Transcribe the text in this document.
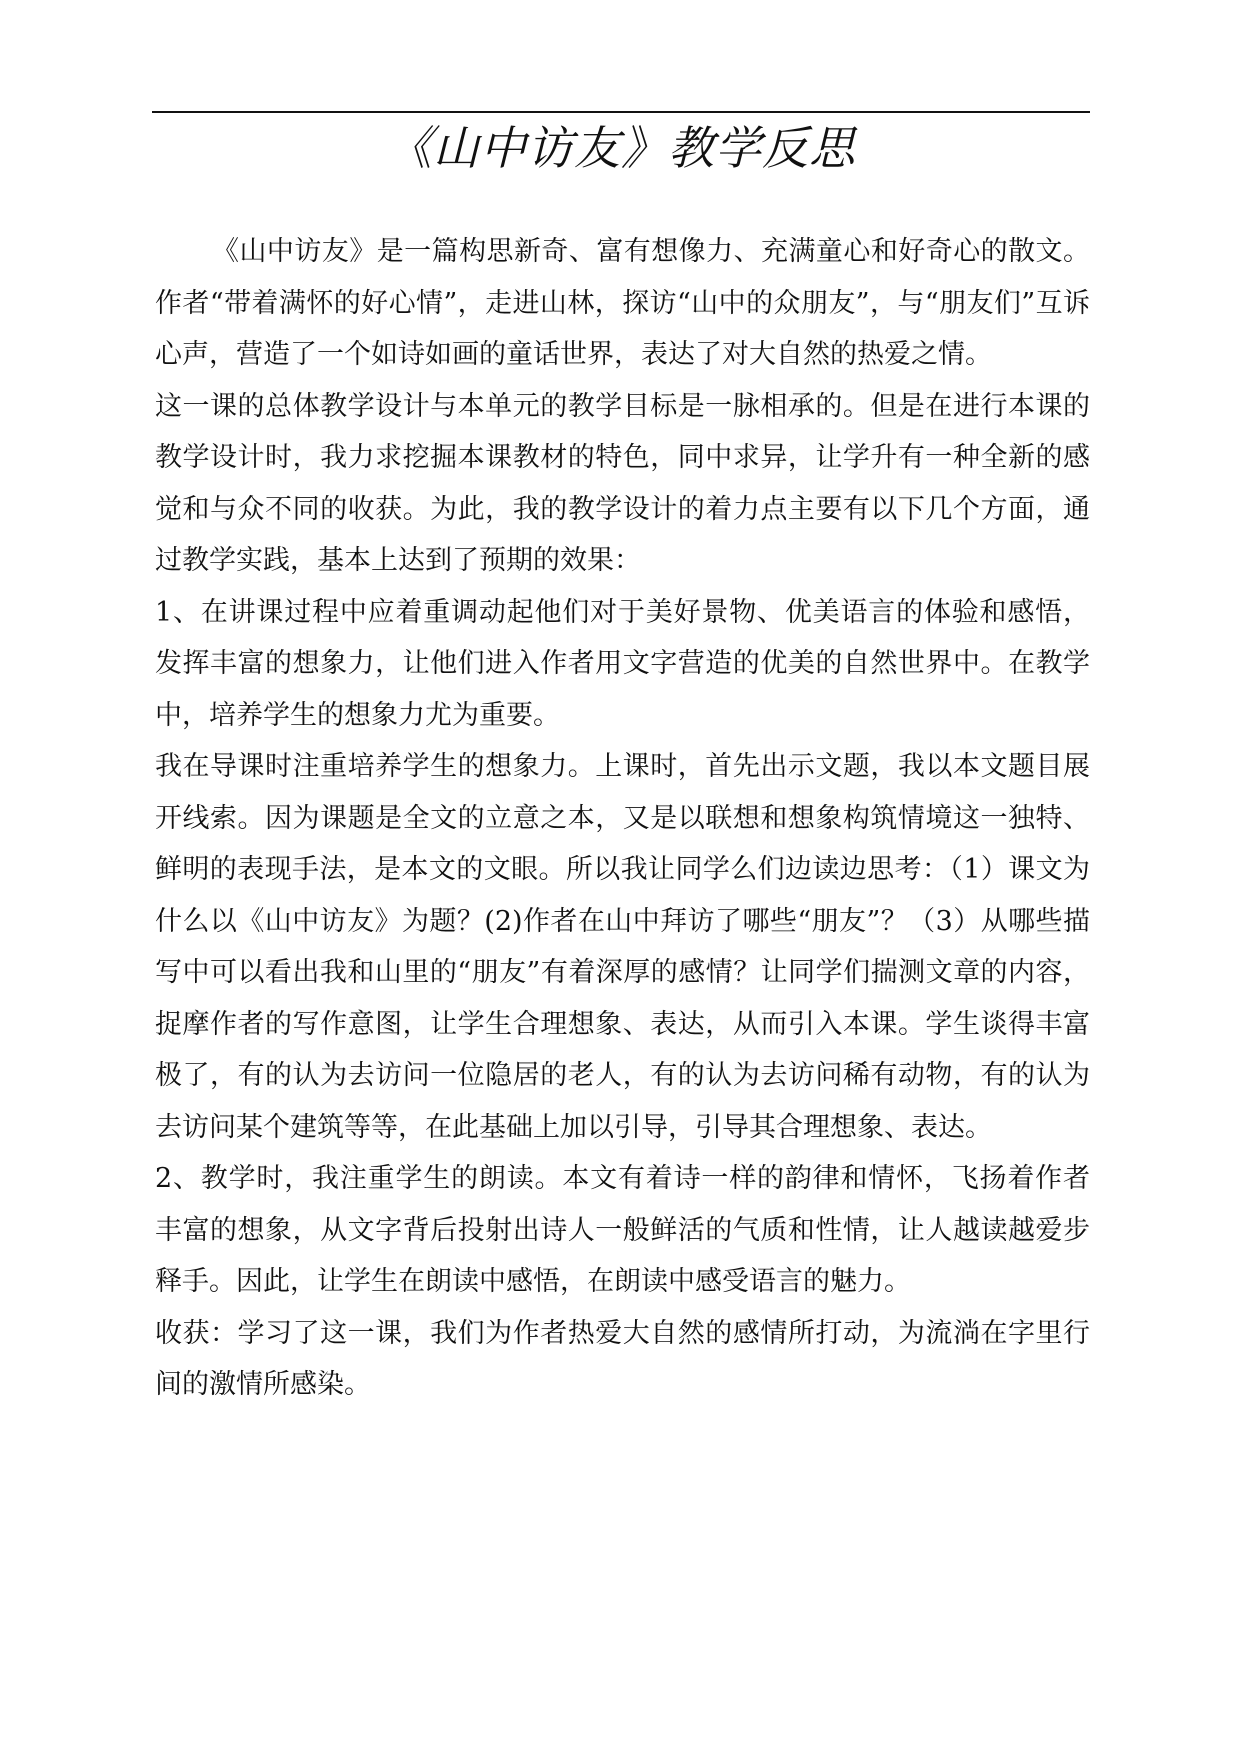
《山中访友》教学反思

《山中访友》是一篇构思新奇、富有想像力、充满童心和好奇心的散文。作者“带着满怀的好心情”，走进山林，探访“山中的众朋友”，与“朋友们”互诉心声，营造了一个如诗如画的童话世界，表达了对大自然的热爱之情。

这一课的总体教学设计与本单元的教学目标是一脉相承的。但是在进行本课的教学设计时，我力求挖掘本课教材的特色，同中求异，让学升有一种全新的感觉和与众不同的收获。为此，我的教学设计的着力点主要有以下几个方面，通过教学实践，基本上达到了预期的效果：

1、在讲课过程中应着重调动起他们对于美好景物、优美语言的体验和感悟，发挥丰富的想象力，让他们进入作者用文字营造的优美的自然世界中。在教学中，培养学生的想象力尤为重要。

我在导课时注重培养学生的想象力。上课时，首先出示文题，我以本文题目展开线索。因为课题是全文的立意之本，又是以联想和想象构筑情境这一独特、鲜明的表现手法，是本文的文眼。所以我让同学么们边读边思考：（1）课文为什么以《山中访友》为题？(2)作者在山中拜访了哪些“朋友”？（3）从哪些描写中可以看出我和山里的“朋友”有着深厚的感情？让同学们揣测文章的内容，捉摩作者的写作意图，让学生合理想象、表达，从而引入本课。学生谈得丰富极了，有的认为去访问一位隐居的老人，有的认为去访问稀有动物，有的认为去访问某个建筑等等，在此基础上加以引导，引导其合理想象、表达。

2、教学时，我注重学生的朗读。本文有着诗一样的韵律和情怀，飞扬着作者丰富的想象，从文字背后投射出诗人一般鲜活的气质和性情，让人越读越爱步释手。因此，让学生在朗读中感悟，在朗读中感受语言的魅力。

收获：学习了这一课，我们为作者热爱大自然的感情所打动，为流淌在字里行间的激情所感染。
